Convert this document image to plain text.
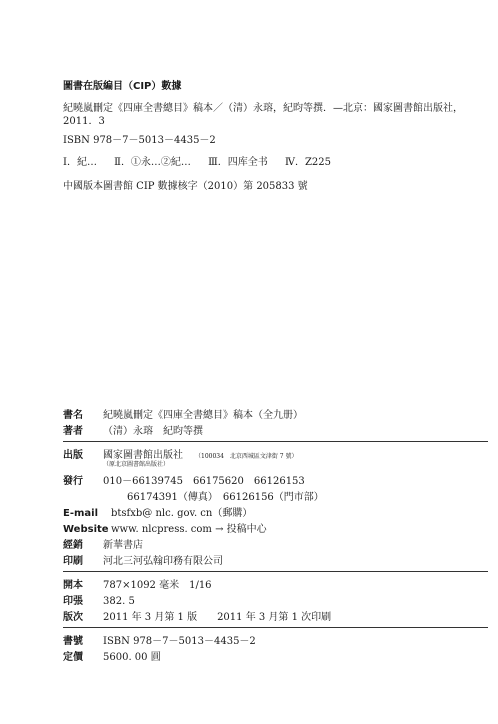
圖書在版編目（CIP）數據
紀曉嵐刪定《四庫全書總目》稿本／（清）永瑢，紀昀等撰．—北京：國家圖書館出版社，
2011．3
ISBN 978－7－5013－4435－2
Ⅰ．紀… Ⅱ．①永…②紀… Ⅲ．四库全书 Ⅳ．Z225
中國版本圖書館 CIP 數據核字（2010）第 205833 號
書名	紀曉嵐刪定《四庫全書總目》稿本（全九册）
著者	（清）永瑢　紀昀等撰
出版	國家圖書館出版社 （100034　北京西城區文津街 7 號）
（原北京圖書館出版社）
發行	010－66139745　66175620　66126153
66174391（傳真）　66126156（門市部）
E-mail	btsfxb@ nlc. gov. cn（郵購）
Website www. nlcpress. com → 投稿中心
經銷	新華書店
印刷	河北三河弘翰印務有限公司
開本	787×1092 毫米　1/16
印張	382. 5
版次	2011 年 3 月第 1 版　　2011 年 3 月第 1 次印刷
書號	ISBN 978－7－5013－4435－2
定價	5600. 00 圓
